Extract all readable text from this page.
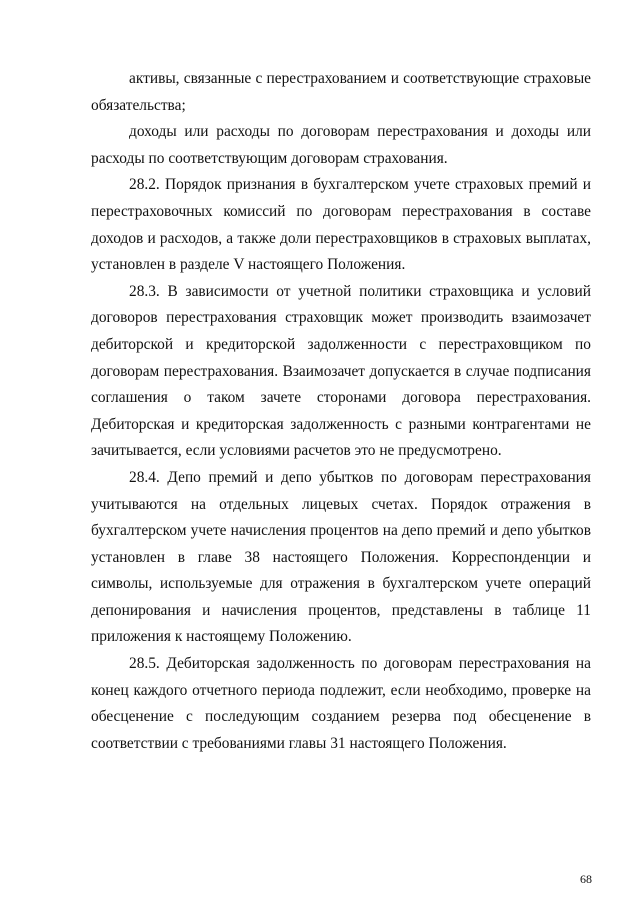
активы, связанные с перестрахованием и соответствующие страховые обязательства;

доходы или расходы по договорам перестрахования и доходы или расходы по соответствующим договорам страхования.

28.2. Порядок признания в бухгалтерском учете страховых премий и перестраховочных комиссий по договорам перестрахования в составе доходов и расходов, а также доли перестраховщиков в страховых выплатах, установлен в разделе V настоящего Положения.

28.3. В зависимости от учетной политики страховщика и условий договоров перестрахования страховщик может производить взаимозачет дебиторской и кредиторской задолженности с перестраховщиком по договорам перестрахования. Взаимозачет допускается в случае подписания соглашения о таком зачете сторонами договора перестрахования. Дебиторская и кредиторская задолженность с разными контрагентами не зачитывается, если условиями расчетов это не предусмотрено.

28.4. Депо премий и депо убытков по договорам перестрахования учитываются на отдельных лицевых счетах. Порядок отражения в бухгалтерском учете начисления процентов на депо премий и депо убытков установлен в главе 38 настоящего Положения. Корреспонденции и символы, используемые для отражения в бухгалтерском учете операций депонирования и начисления процентов, представлены в таблице 11 приложения к настоящему Положению.

28.5. Дебиторская задолженность по договорам перестрахования на конец каждого отчетного периода подлежит, если необходимо, проверке на обесценение с последующим созданием резерва под обесценение в соответствии с требованиями главы 31 настоящего Положения.

68
